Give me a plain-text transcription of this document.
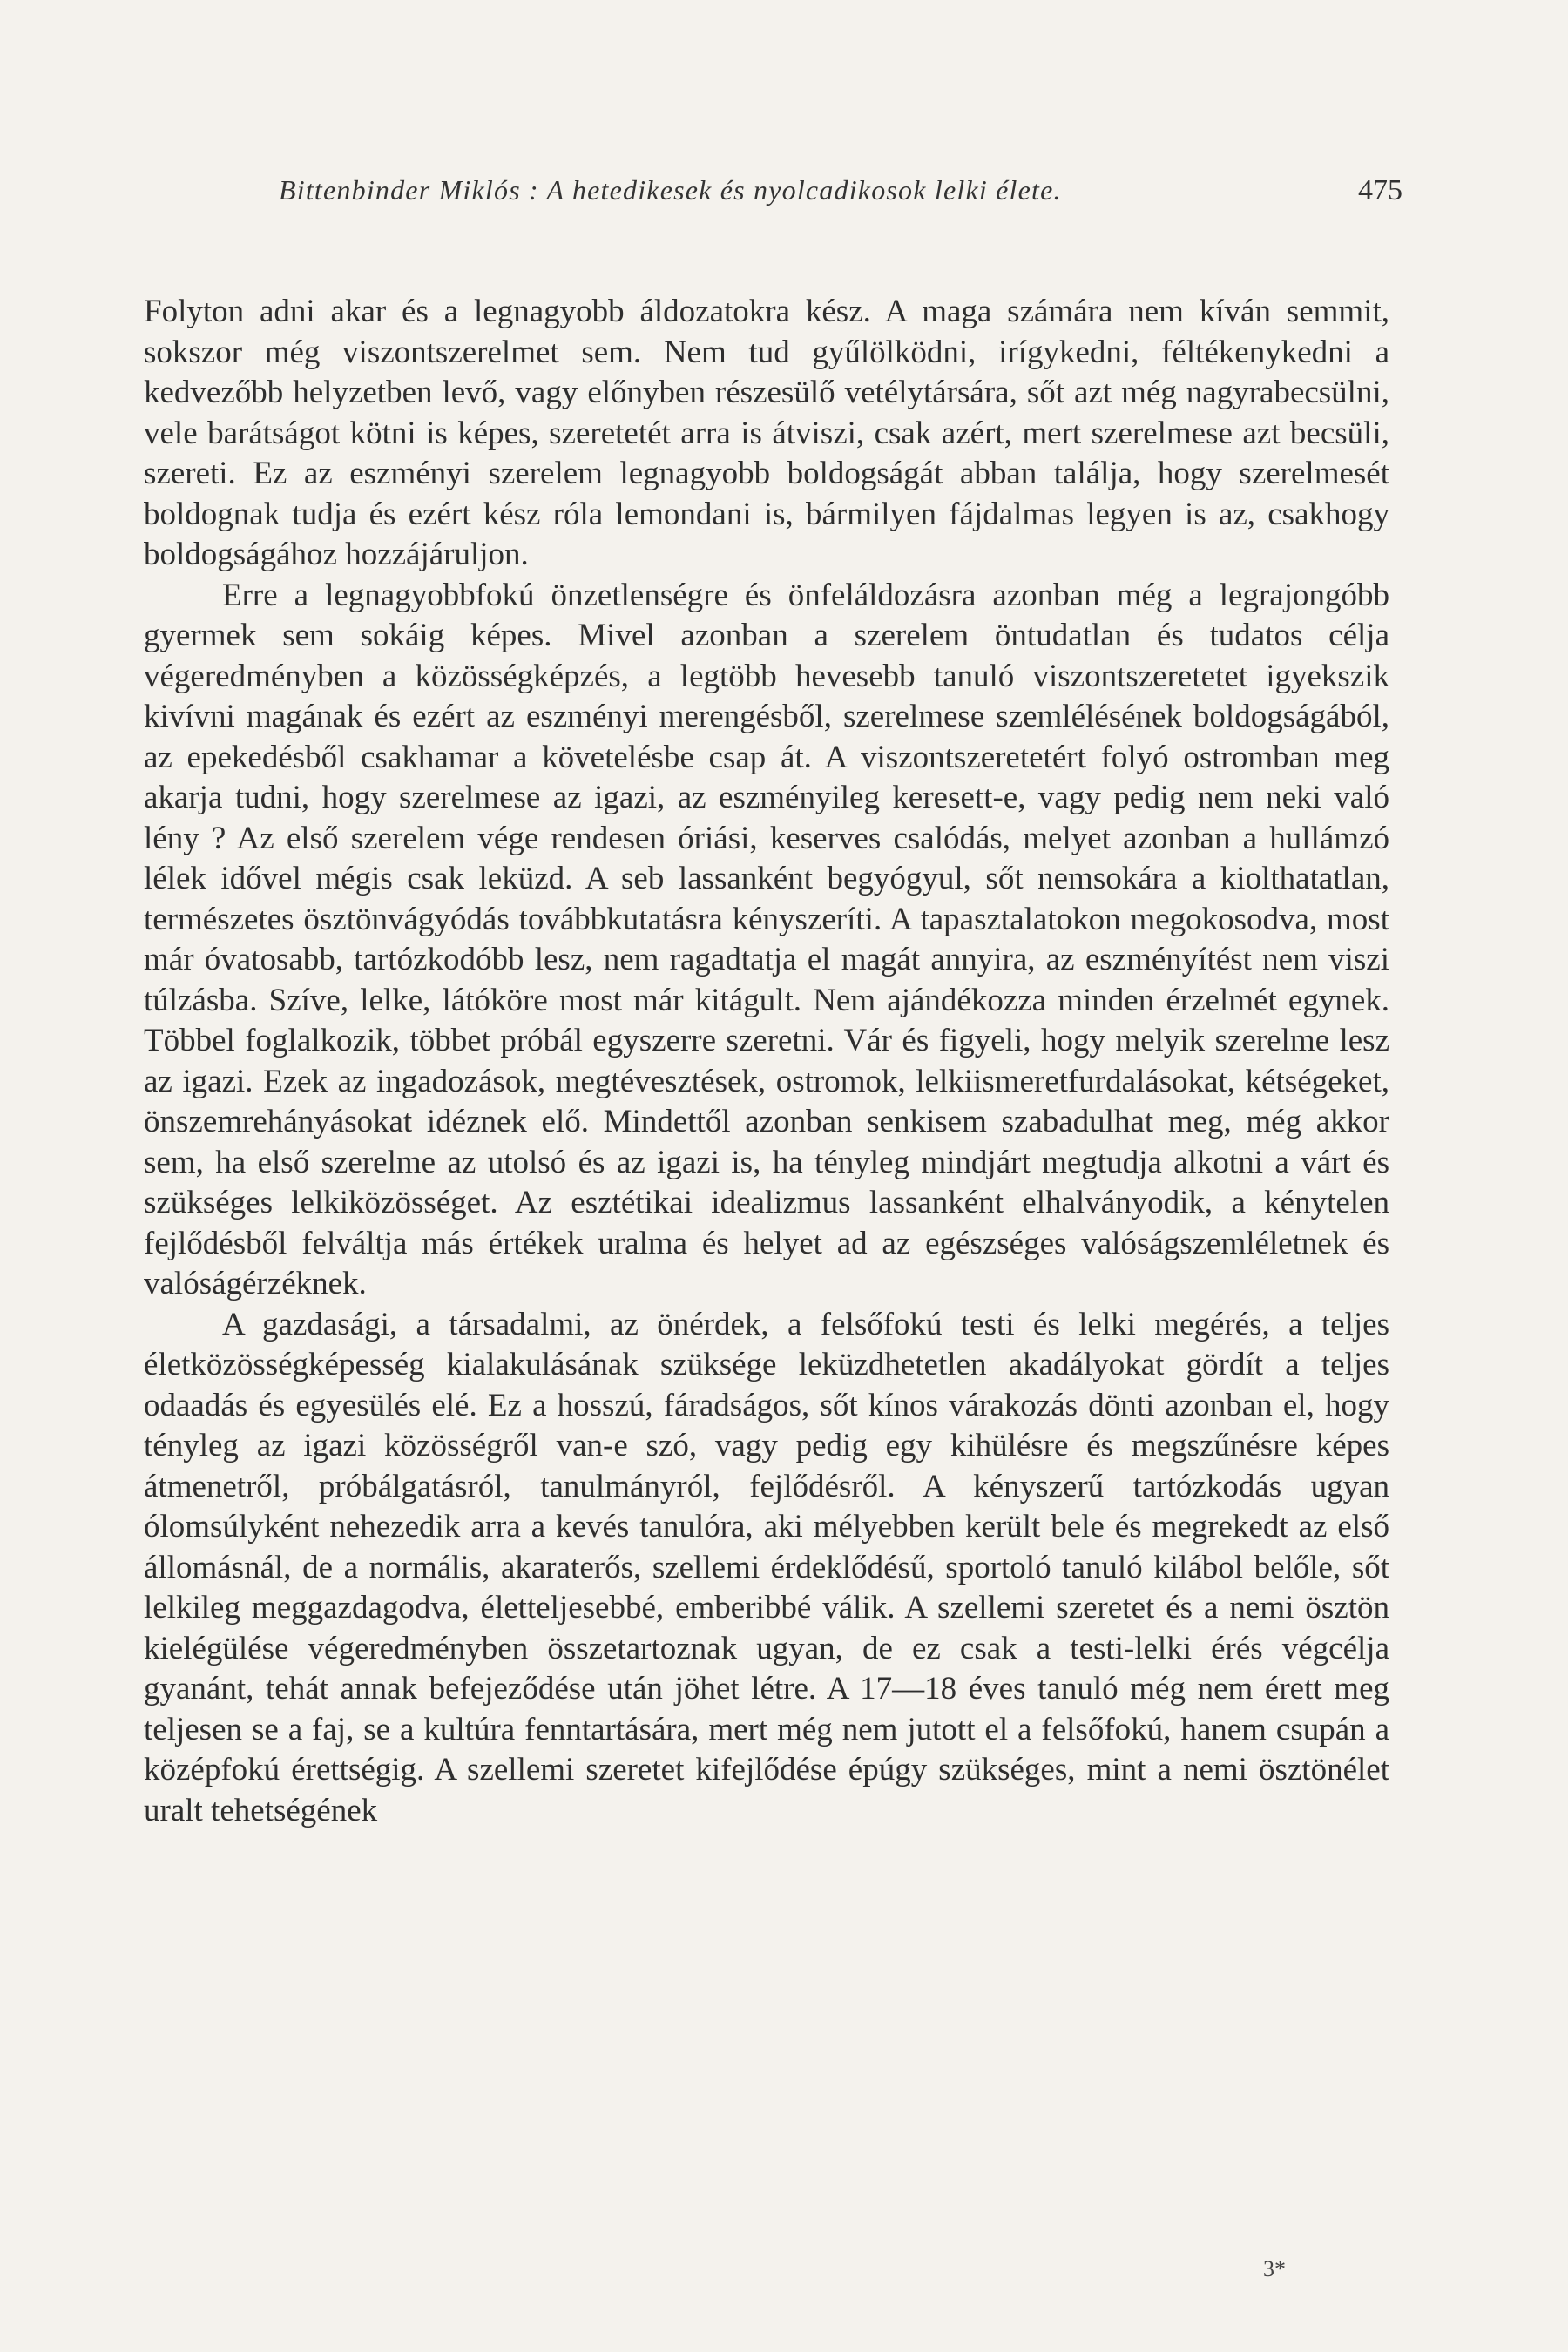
Bittenbinder Miklós : A hetedikesek és nyolcadikosok lelki élete.	475

Folyton adni akar és a legnagyobb áldozatokra kész. A maga számára nem kíván semmit, sokszor még viszontszerelmet sem. Nem tud gyűlölködni, irígykedni, féltékenykedni a kedvezőbb helyzetben levő, vagy előnyben részesülő vetélytársára, sőt azt még nagyrabecsülni, vele barátságot kötni is képes, szeretetét arra is átviszi, csak azért, mert szerelmese azt becsüli, szereti. Ez az eszményi szerelem legnagyobb boldogságát abban találja, hogy szerelmesét boldognak tudja és ezért kész róla lemondani is, bármilyen fájdalmas legyen is az, csakhogy boldogságához hozzájáruljon.

Erre a legnagyobbfokú önzetlenségre és önfeláldozásra azonban még a legrajongóbb gyermek sem sokáig képes. Mivel azonban a szerelem öntudatlan és tudatos célja végeredményben a közösségképzés, a legtöbb hevesebb tanuló viszontszeretetet igyekszik kivívni magának és ezért az eszményi merengésből, szerelmese szemlélésének boldogságából, az epekedésből csakhamar a követelésbe csap át. A viszontszeretetért folyó ostromban meg akarja tudni, hogy szerelmese az igazi, az eszményileg keresett-e, vagy pedig nem neki való lény ? Az első szerelem vége rendesen óriási, keserves csalódás, melyet azonban a hullámzó lélek idővel mégis csak leküzd. A seb lassanként begyógyul, sőt nemsokára a kiolthatatlan, természetes ösztönvágyódás továbbkutatásra kényszeríti. A tapasztalatokon megokosodva, most már óvatosabb, tartózkodóbb lesz, nem ragadtatja el magát annyira, az eszményítést nem viszi túlzásba. Szíve, lelke, látóköre most már kitágult. Nem ajándékozza minden érzelmét egynek. Többel foglalkozik, többet próbál egyszerre szeretni. Vár és figyeli, hogy melyik szerelme lesz az igazi. Ezek az ingadozások, megtévesztések, ostromok, lelkiismeretfurdalásokat, kétségeket, önszemrehányásokat idéznek elő. Mindettől azonban senkisem szabadulhat meg, még akkor sem, ha első szerelme az utolsó és az igazi is, ha tényleg mindjárt megtudja alkotni a várt és szükséges lelkiközösséget. Az esztétikai idealizmus lassanként elhalványodik, a kénytelen fejlődésből felváltja más értékek uralma és helyet ad az egészséges valóságszemléletnek és valóságérzéknek.

A gazdasági, a társadalmi, az önérdek, a felsőfokú testi és lelki megérés, a teljes életközösségképesség kialakulásának szüksége leküzdhetetlen akadályokat gördít a teljes odaadás és egyesülés elé. Ez a hosszú, fáradságos, sőt kínos várakozás dönti azonban el, hogy tényleg az igazi közösségről van-e szó, vagy pedig egy kihülésre és megszűnésre képes átmenetről, próbálgatásról, tanulmányról, fejlődésről. A kényszerű tartózkodás ugyan ólomsúlyként nehezedik arra a kevés tanulóra, aki mélyebben került bele és megrekedt az első állomásnál, de a normális, akaraterős, szellemi érdeklődésű, sportoló tanuló kilábol belőle, sőt lelkileg meggazdagodva, életteljesebbé, emberibbé válik. A szellemi szeretet és a nemi ösztön kielégülése végeredményben összetartoznak ugyan, de ez csak a testi-lelki érés végcélja gyanánt, tehát annak befejeződése után jöhet létre. A 17—18 éves tanuló még nem érett meg teljesen se a faj, se a kultúra fenntartására, mert még nem jutott el a felsőfokú, hanem csupán a középfokú érettségig. A szellemi szeretet kifejlődése épúgy szükséges, mint a nemi ösztönélet uralt tehetségének

3*
